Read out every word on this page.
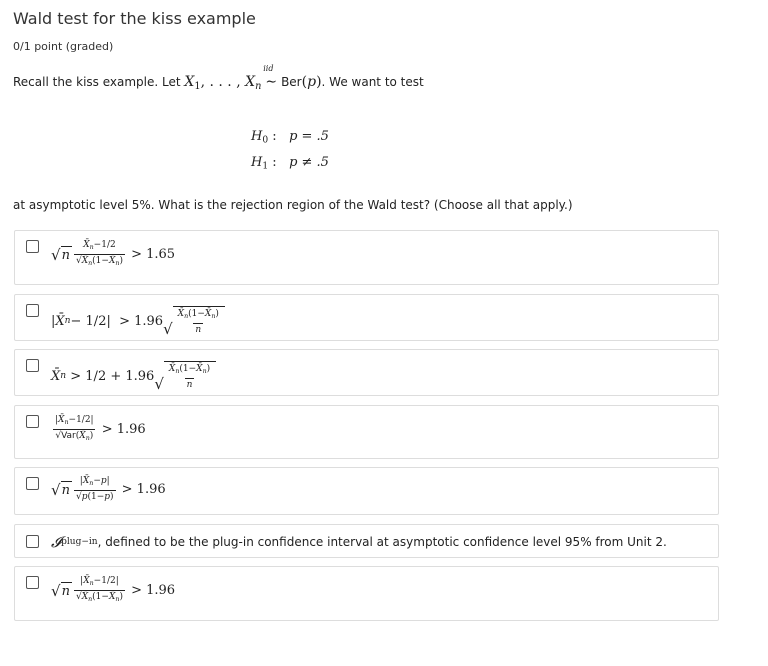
Wald test for the kiss example
0/1 point (graded)
Recall the kiss example. Let $X_1$, . . . , $X_n$
iid
∼ Ber(p). We want to test
$H_0$ :   p = .5
$H_1$ :   p ≠ .5
at asymptotic level 5%. What is the rejection region of the Wald test? (Choose all that apply.)
√ n $\frac{X̄_n-1/2}{√X̄_n(1-X̄_n)}$
> 1.65
| X̄ n − 1/2| > 1.96 √ $\frac{X̄_n(1-X̄_n)}{n}$
X̄ n
> 1/2 + 1.96 √ $\frac{X̄_n(1-X̄_n)}{n}$
$\frac{|X̄_n-1/2|}{√Var(X̄_n)}$
> 1.96
√ n $\frac{|X̄_n-p|}{√p(1-p)}$
> 1.96
𝓘 plug−in , defined to be the plug-in confidence interval at asymptotic confidence level 95% from Unit 2.
√ n $\frac{|X̄_n-1/2|}{√X̄_n(1-X̄_n)}$
> 1.96
